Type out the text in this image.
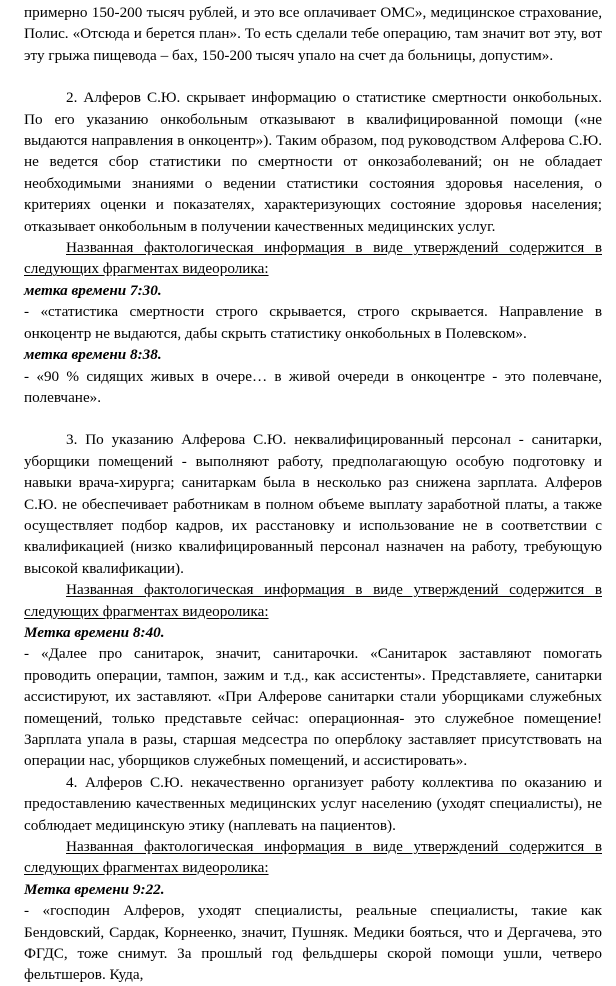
примерно 150-200 тысяч рублей, и это все оплачивает ОМС», медицинское страхование, Полис. «Отсюда и берется план». То есть сделали тебе операцию, там значит вот эту, вот эту грыжа пищевода – бах, 150-200 тысяч упало на счет да больницы, допустим».

2. Алферов С.Ю. скрывает информацию о статистике смертности онкобольных. По его указанию онкобольным отказывают в квалифицированной помощи («не выдаются направления в онкоцентр»). Таким образом, под руководством Алферова С.Ю. не ведется сбор статистики по смертности от онкозаболеваний; он не обладает необходимыми знаниями о ведении статистики состояния здоровья населения, о критериях оценки и показателях, характеризующих состояние здоровья населения; отказывает онкобольным в получении качественных медицинских услуг.

Названная фактологическая информация в виде утверждений содержится в следующих фрагментах видеоролика:

метка времени 7:30.

- «статистика смертности строго скрывается, строго скрывается. Направление в онкоцентр не выдаются, дабы скрыть статистику онкобольных в Полевском».

метка времени 8:38.

- «90 % сидящих живых в очере… в живой очереди в онкоцентре - это полевчане, полевчане».

3. По указанию Алферова С.Ю. неквалифицированный персонал - санитарки, уборщики помещений - выполняют работу, предполагающую особую подготовку и навыки врача-хирурга; санитаркам была в несколько раз снижена зарплата. Алферов С.Ю. не обеспечивает работникам в полном объеме выплату заработной платы, а также осуществляет подбор кадров, их расстановку и использование не в соответствии с квалификацией (низко квалифицированный персонал назначен на работу, требующую высокой квалификации).

Названная фактологическая информация в виде утверждений содержится в следующих фрагментах видеоролика:

Метка времени 8:40.

- «Далее про санитарок, значит, санитарочки. «Санитарок заставляют помогать проводить операции, тампон, зажим и т.д., как ассистенты». Представляете, санитарки ассистируют, их заставляют. «При Алферове санитарки стали уборщиками служебных помещений, только представьте сейчас: операционная- это служебное помещение! Зарплата упала в разы, старшая медсестра по оперблоку заставляет присутствовать на операции нас, уборщиков служебных помещений, и ассистировать».

4. Алферов С.Ю. некачественно организует работу коллектива по оказанию и предоставлению качественных медицинских услуг населению (уходят специалисты), не соблюдает медицинскую этику (наплевать на пациентов).

Названная фактологическая информация в виде утверждений содержится в следующих фрагментах видеоролика:

Метка времени 9:22.

- «господин Алферов, уходят специалисты, реальные специалисты, такие как Бендовский, Сардак, Корнеенко, значит, Пушняк. Медики бояться, что и Дергачева, это ФГДС, тоже снимут. За прошлый год фельдшеры скорой помощи ушли, четверо фельтшеров. Куда,
